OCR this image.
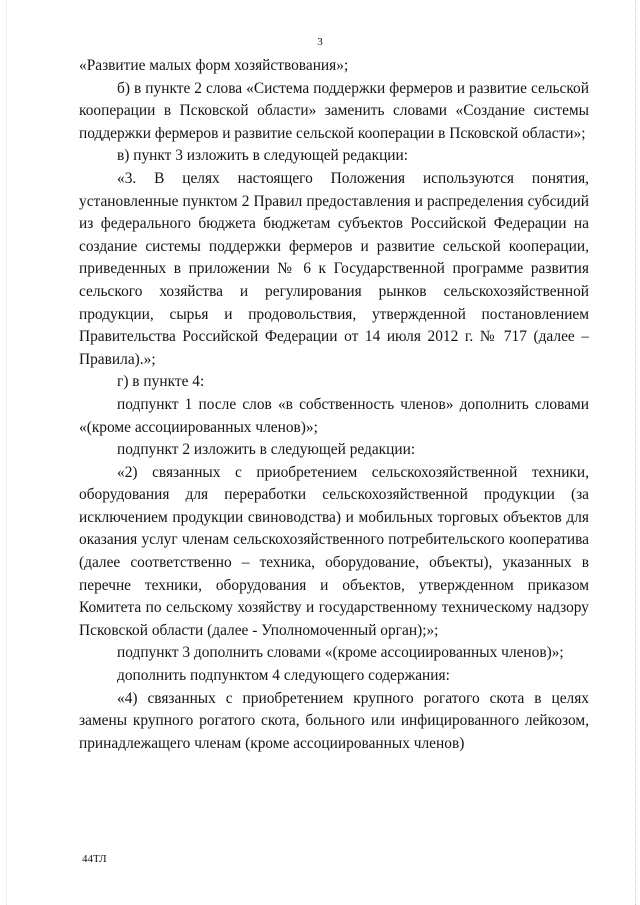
3

«Развитие малых форм хозяйствования»;

б) в пункте 2 слова «Система поддержки фермеров и развитие сельской кооперации в Псковской области» заменить словами «Создание системы поддержки фермеров и развитие сельской кооперации в Псковской области»;

в) пункт 3 изложить в следующей редакции:

«3. В целях настоящего Положения используются понятия, установленные пунктом 2 Правил предоставления и распределения субсидий из федерального бюджета бюджетам субъектов Российской Федерации на создание системы поддержки фермеров и развитие сельской кооперации, приведенных в приложении № 6 к Государственной программе развития сельского хозяйства и регулирования рынков сельскохозяйственной продукции, сырья и продовольствия, утвержденной постановлением Правительства Российской Федерации от 14 июля 2012 г. № 717 (далее – Правила).»;

г) в пункте 4:

подпункт 1 после слов «в собственность членов» дополнить словами «(кроме ассоциированных членов)»;

подпункт 2 изложить в следующей редакции:

«2) связанных с приобретением сельскохозяйственной техники, оборудования для переработки сельскохозяйственной продукции (за исключением продукции свиноводства) и мобильных торговых объектов для оказания услуг членам сельскохозяйственного потребительского кооператива (далее соответственно – техника, оборудование, объекты), указанных в перечне техники, оборудования и объектов, утвержденном приказом Комитета по сельскому хозяйству и государственному техническому надзору Псковской области (далее - Уполномоченный орган);»;

подпункт 3 дополнить словами «(кроме ассоциированных членов)»;

дополнить подпунктом 4 следующего содержания:

«4) связанных с приобретением крупного рогатого скота в целях замены крупного рогатого скота, больного или инфицированного лейкозом, принадлежащего членам (кроме ассоциированных членов)

44ТЛ
